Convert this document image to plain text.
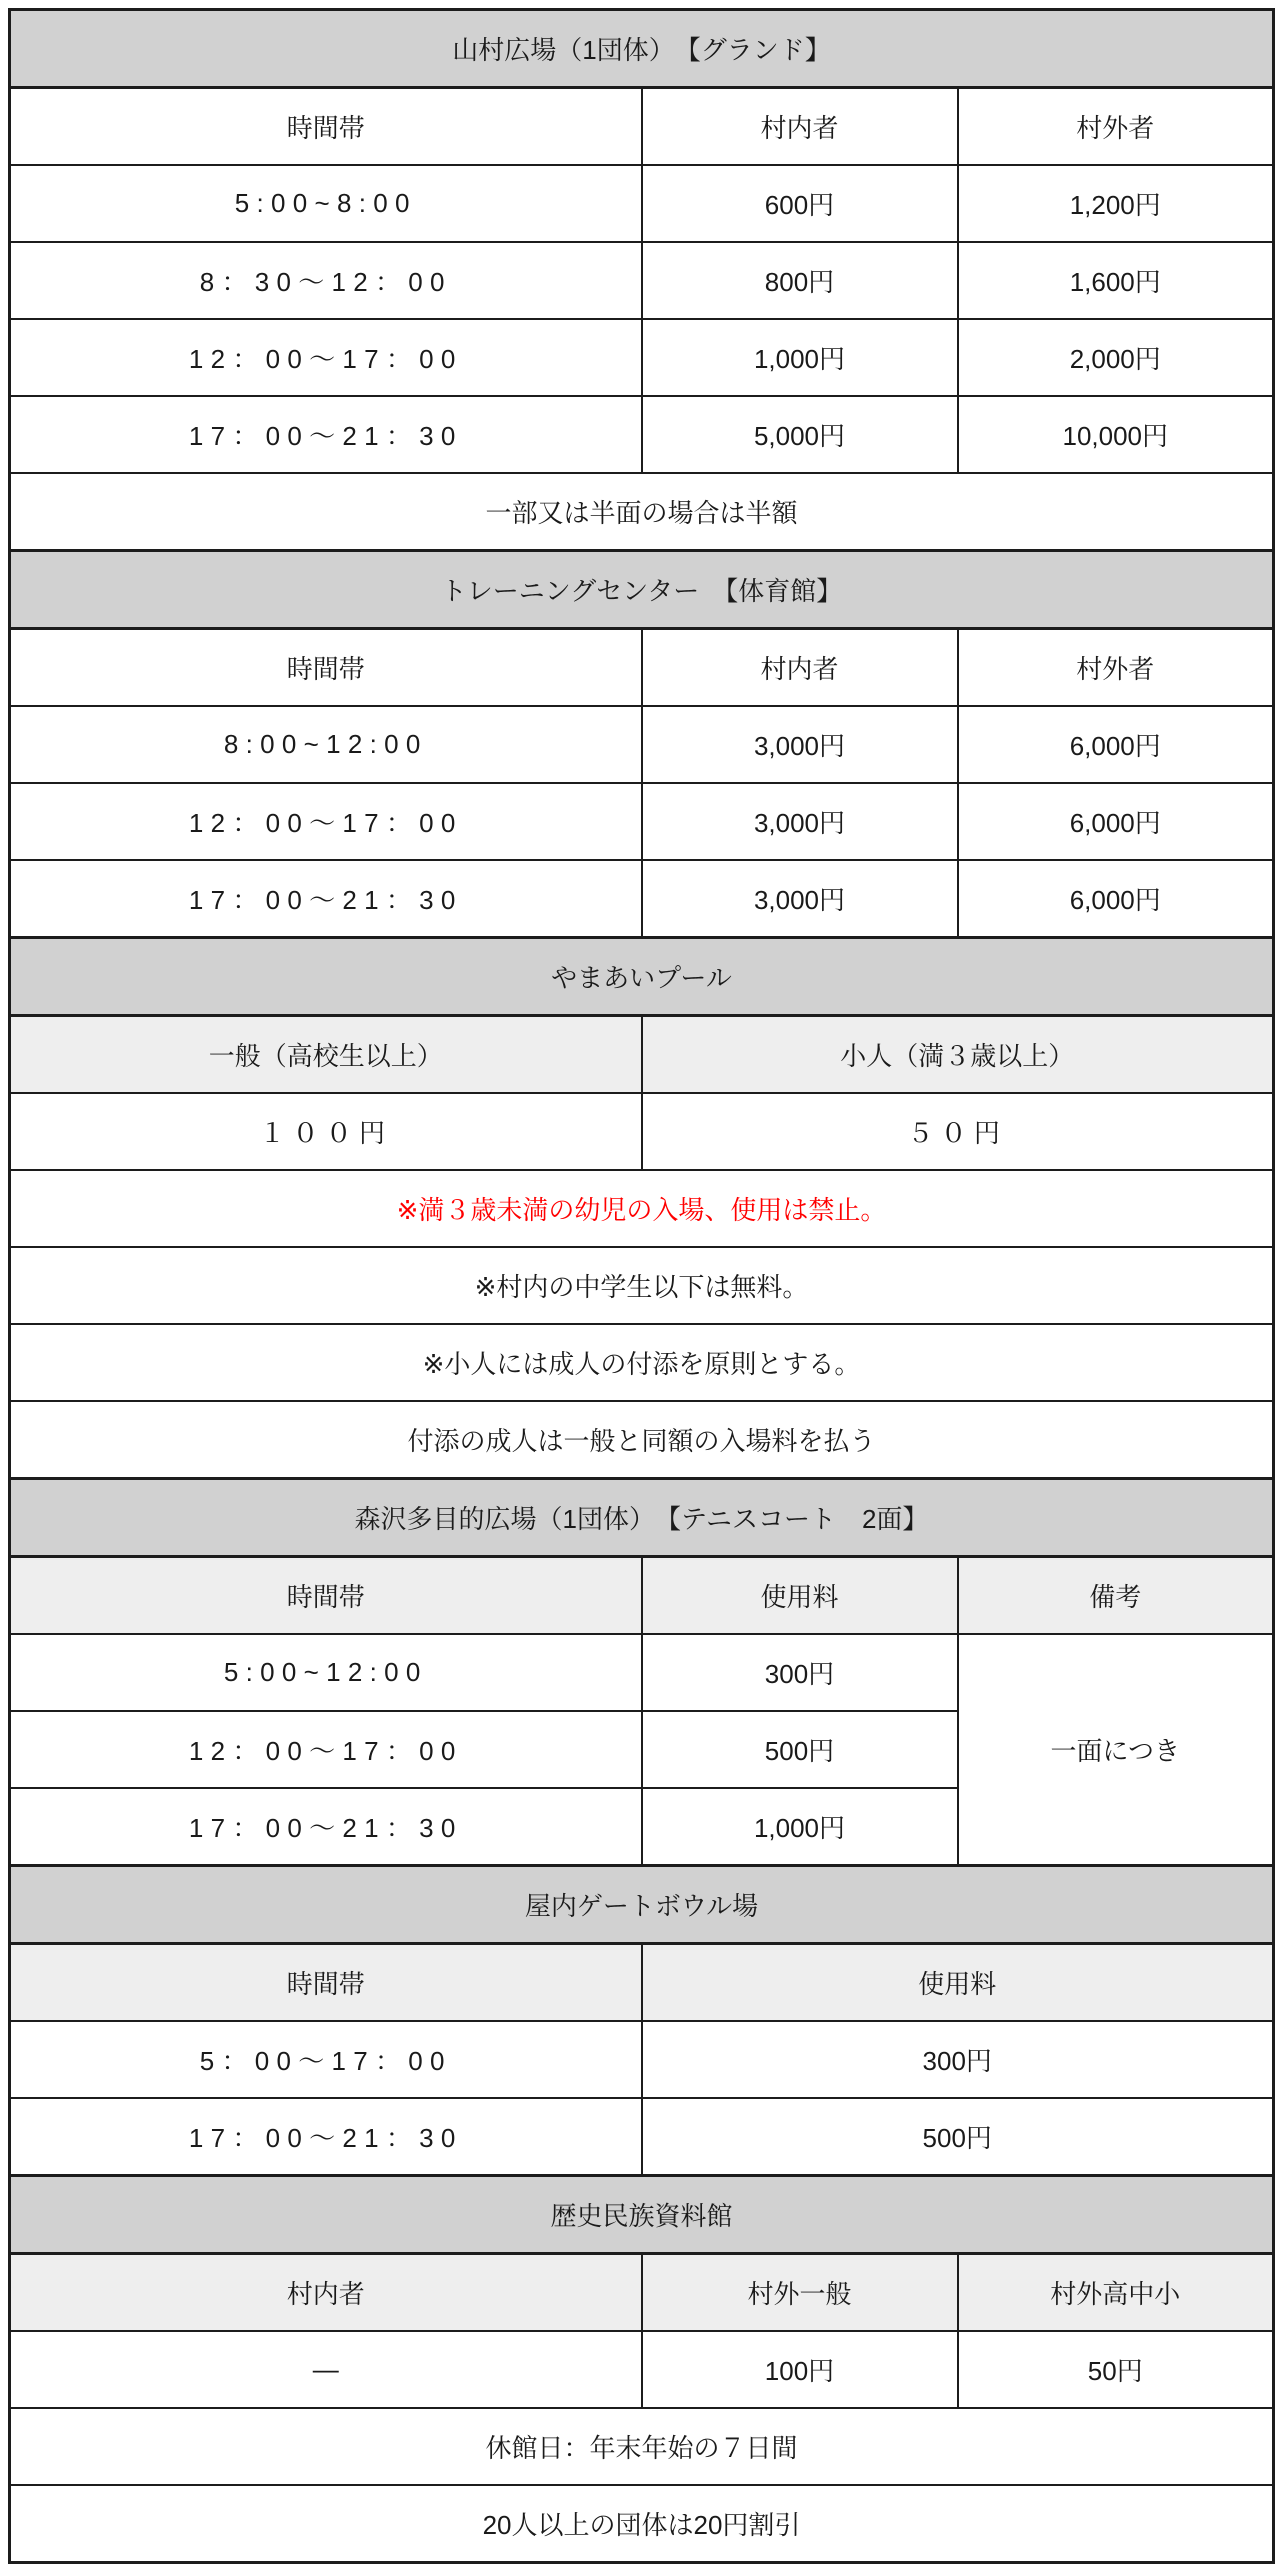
山村広場（1団体）　【グランド】		
時間帯	村内者	村外者
5:00~8:00	600円	1,200円
8：30～12：00	800円	1,600円
12：00～17：00	1,000円	2,000円
17：00～21：30	5,000円	10,000円
一部又は半面の場合は半額		
トレーニングセンター　【体育館】		
時間帯	村内者	村外者
8:00~12:00	3,000円	6,000円
12：00～17：00	3,000円	6,000円
17：00～21：30	3,000円	6,000円
やまあいプール		
一般（高校生以上）	小人（満３歳以上）	
１００円	５０円	
※満３歳未満の幼児の入場、使用は禁止。		
※村内の中学生以下は無料。		
※小人には成人の付添を原則とする。		
付添の成人は一般と同額の入場料を払う		
森沢多目的広場（1団体）　【テニスコート　2面】		
時間帯	使用料	備考
5:00~12:00	300円	一面につき
12：00～17：00	500円	
17：00～21：30	1,000円	
屋内ゲートボウル場		
時間帯	使用料	
5：00～17：00	300円	
17：00～21：30	500円	
歴史民族資料館		
村内者	村外一般	村外高中小
―	100円	50円
休館日：年末年始の７日間		
20人以上の団体は20円割引		
